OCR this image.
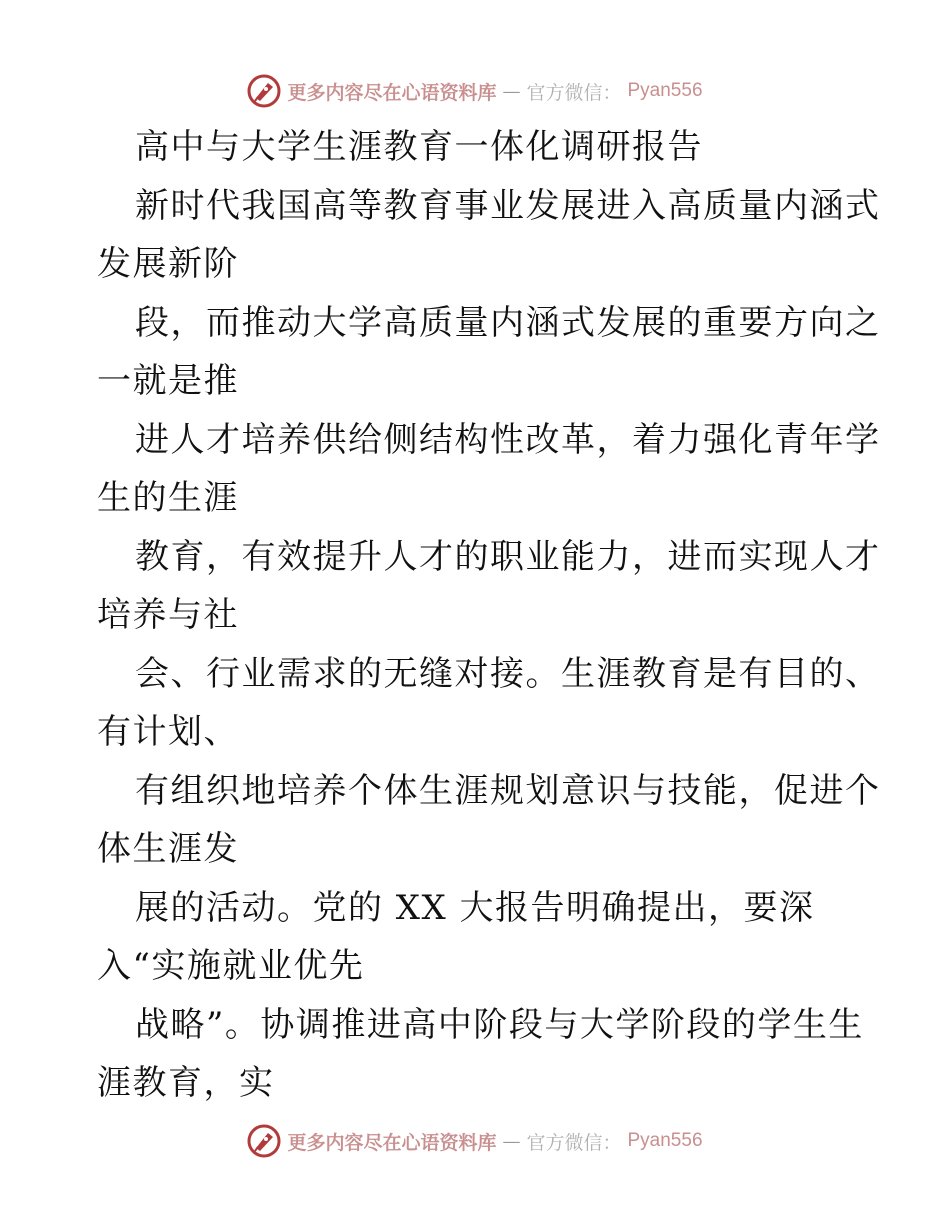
更多内容尽在心语资料库 — 官方微信： Pyan556
高中与大学生涯教育一体化调研报告
新时代我国高等教育事业发展进入高质量内涵式
发展新阶
段，而推动大学高质量内涵式发展的重要方向之
一就是推
进人才培养供给侧结构性改革，着力强化青年学
生的生涯
教育，有效提升人才的职业能力，进而实现人才
培养与社
会、行业需求的无缝对接。生涯教育是有目的、
有计划、
有组织地培养个体生涯规划意识与技能，促进个
体生涯发
展的活动。党的 XX 大报告明确提出，要深
入“实施就业优先
战略”。协调推进高中阶段与大学阶段的学生生
涯教育，实
更多内容尽在心语资料库 — 官方微信： Pyan556
